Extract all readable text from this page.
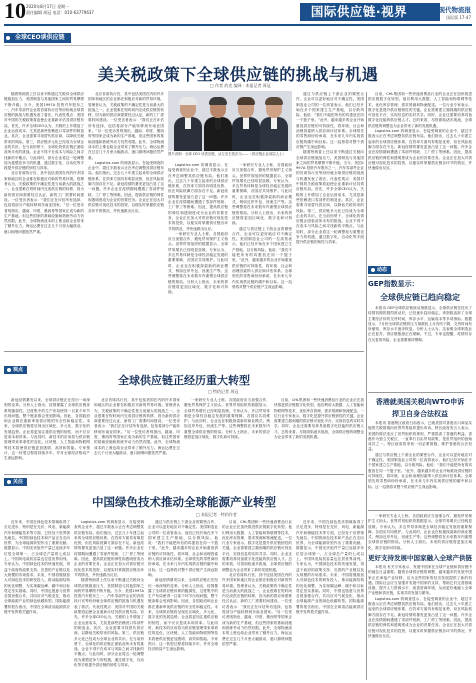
10 2020年8月17日 星期一
责任编辑 周冠 电话：010-63779637	国际供应链·视界	现代物流报
国际版 17-47
全球CEO谈供应链
美关税政策下全球供应链的挑战与机遇
□ 作者 约克 编译 · 本报记者 周冠

随着特朗普上任以来不断通过关税向全球供应链施加压力，美国制造与其他国家之间的贸易摩擦不断升级。当今，美国1997A 投资汽车股东之一，汽车零部件企业的首席执行官等纷纷就全球供应链的挑战与机遇发表了看法。代表性观点：美国对中国的关税政策将迫使企业重新评估其供应链布局。首先，许多全球CEO认为，关税的上升增加了企业运营成本，尤其是那些依赖进口零部件的制造业。其次，企业需要寻找替代供应商，以降低关税带来的风险。第三，供应链多元化已经成为全球企业的共识。在当前形势下，全球化的供应链正面临前所未有的挑战。企业不得不在成本与风险之间寻找新的平衡点。与此同时，部分企业将这一轮调整视为重塑竞争力的机遇，通过数字化、自动化等手段提升供应链的韧性与效率。

北京首席执行官，其中包括美国在内的许多国家和地区的企业都在积极应对新的贸易环境。管理者认为，关税政策的不确定性是当前最大的挑战之一。企业很难在短时间内完成供应链的转移，因为新的供应商需要经过认证，新的工厂需要时间建设。一位受访者表示：“我们正在评估所有选择，包括将部分产能转移到东南亚国家。”另一位受访者则指出，越南、印度、墨西哥等国家正成为新的生产基地，但这些国家的基础设施和熟练劳动力仍然有限。此外，全球物流成本的上涨也给企业带来了额外压力。海运运费在过去几个月里大幅波动，港口拥堵问题依然严重。

北京首席执行官，其中包括美国在内的许多国家和地区的企业都在积极应对新的贸易环境。管理者认为，关税政策的不确定性是当前最大的挑战之一。企业很难在短时间内完成供应链的转移，因为新的供应商需要经过认证，新的工厂需要时间建设。一位受访者表示：“我们正在评估所有选择，包括将部分产能转移到东南亚国家。”另一位受访者则指出，越南、印度、墨西哥等国家正成为新的生产基地，但这些国家的基础设施和熟练劳动力仍然有限。此外，全球物流成本的上涨也给企业带来了额外压力。海运运费在过去几个月里大幅波动，港口拥堵问题依然严重。

Logistics.com 的调查显示，在接受调查的企业中，超过半数表示正在考虑调整其供应链布局。他们指出，过去几十年建立起来的全球供应链体系，在效率方面具有明显优势，但在风险抵御方面存在不足。新冠疫情的暴发更加凸显了这一问题。许多企业在疫情期间遭遇了零部件短缺、工厂停工等困难。因此，提高供应链的弹性和透明度成为企业的首要任务。企业正在加大对供应链可视化技术的投资，以便实时掌握供应链各环节的情况，并快速做出反应。

图片说明：全球 CEO 谈供应链，从左至右依次为——（供应链企业高层人士）

Logistics.com 的调查显示，在接受调查的企业中，超过半数表示正在考虑调整其供应链布局。他们指出，过去几十年建立起来的全球供应链体系，在效率方面具有明显优势，但在风险抵御方面存在不足。新冠疫情的暴发更加凸显了这一问题。许多企业在疫情期间遭遇了零部件短缺、工厂停工等困难。因此，提高供应链的弹性和透明度成为企业的首要任务。企业正在加大对供应链可视化技术的投资，以便实时掌握供应链各环节的情况，并快速做出反应。

一家研究专业人士称，各国政府应当加强合作，避免贸易保护主义抬头。世界贸易组织的数据显示，全球贸易增长已经明显放缓。专家认为，多边贸易体制是全球经济稳定发展的重要保障，各国应共同维护。与此同时，企业也在积极探索新的商业模式，例如近岸外包、回流生产等。这些调整将在未来数年内重塑全球供应链的格局。分析人士指出，未来的供应链将更加区域化、数字化和可持续。

一家研究专业人士称，各国政府应当加强合作，避免贸易保护主义抬头。世界贸易组织的数据显示，全球贸易增长已经明显放缓。专家认为，多边贸易体制是全球经济稳定发展的重要保障，各国应共同维护。与此同时，企业也在积极探索新的商业模式，例如近岸外包、回流生产等。这些调整将在未来数年内重塑全球供应链的格局。分析人士指出，未来的供应链将更加区域化、数字化和可持续。

通过与供应链上下游企业的紧密合作，企业可以更好地应对不确定性。美国制造业公司的一位高管表示，他们已经开始在多个国家建立生产基地，以分散风险。他说：“我们不能把所有的鸡蛋放在同一个篮子里。”此外，越来越多的企业开始重视供应链的可持续性，将环境、社会和治理因素纳入供应商评估体系。全球领先的零售商纷纷承诺，在未来几年内实现供应链的碳中和目标。这一趋势将对整个供应链产生深远影响。

通过与供应链上下游企业的紧密合作，企业可以更好地应对不确定性。美国制造业公司的一位高管表示，他们已经开始在多个国家建立生产基地，以分散风险。他说：“我们不能把所有的鸡蛋放在同一个篮子里。”此外，越来越多的企业开始重视供应链的可持续性，将环境、社会和治理因素纳入供应商评估体系。全球领先的零售商纷纷承诺，在未来几年内实现供应链的碳中和目标。这一趋势将对整个供应链产生深远影响。

随着特朗普上任以来不断通过关税向全球供应链施加压力，美国制造与其他国家之间的贸易摩擦不断升级。当今，美国1997A 投资汽车股东之一，汽车零部件企业的首席执行官等纷纷就全球供应链的挑战与机遇发表了看法。代表性观点：美国对中国的关税政策将迫使企业重新评估其供应链布局。首先，许多全球CEO认为，关税的上升增加了企业运营成本，尤其是那些依赖进口零部件的制造业。其次，企业需要寻找替代供应商，以降低关税带来的风险。第三，供应链多元化已经成为全球企业的共识。在当前形势下，全球化的供应链正面临前所未有的挑战。企业不得不在成本与风险之间寻找新的平衡点。与此同时，部分企业将这一轮调整视为重塑竞争力的机遇，通过数字化、自动化等手段提升供应链的韧性与效率。

目前，CHL集团和一些快速消费品行业的企业正在加快推进供应链数字化转型。他们利用大数据、人工智能和物联网等技术，优化库存管理、需求预测和物流配送。一位行业专家表示，数字化是提升供应链韧性的关键。企业需要建立端到端的供应链可视化平台，实现信息的实时共享。同时，企业还需要培养具备数字化技能的供应链人才。总的来看，尽管面临诸多挑战，全球供应链的调整也为企业带来了新的发展机遇。

Logistics.com 的调查显示，在接受调查的企业中，超过半数表示正在考虑调整其供应链布局。他们指出，过去几十年建立起来的全球供应链体系，在效率方面具有明显优势，但在风险抵御方面存在不足。新冠疫情的暴发更加凸显了这一问题。许多企业在疫情期间遭遇了零部件短缺、工厂停工等困难。因此，提高供应链的弹性和透明度成为企业的首要任务。企业正在加大对供应链可视化技术的投资，以便实时掌握供应链各环节的情况，并快速做出反应。

动态
GEP指数显示：
全球供应链已趋向稳定

本报讯 GEP全球供应链波动指数显示，全球供应链在经历了疫情初期的剧烈波动后，已经逐步趋向稳定。该指数追踪了全球主要经济体的交货时间、库存水平、运输成本等多项指标。数据显示，7月份全球供应链的压力指数较上月有所下降，交货时间有所缩短，库存水平逐步恢复。分析人士认为，这表明全球制造业正在复苏，供应链瓶颈正在缓解。不过，专家也提醒，疫情仍存在反复的风险，企业需要保持警惕。

观点
全球供应链正经历重大转型
□ 特约记者 周冠

新冠疫情暴发以来，全球供应链正在经历一场深刻的变革。分析人士指出，疫情暴露了全球供应链体系的脆弱性，过度集中的生产布局使得一旦某个环节出现问题，整个链条都会受到影响。因此，各国政府和企业都在重新审视供应链的安全性和稳定性。未来，全球供应链将呈现出区域化、多元化、数字化的发展趋势。企业将更加注重供应链的韧性，而不仅仅是成本和效率。与此同时，新技术的应用将为供应链管理带来革命性的变化。区块链、人工智能和物联网等技术将使供应链更加透明、高效和智能。专家预计，这一转型过程将持续多年，并对全球经济格局产生深远影响。

北京首席执行官，其中包括美国在内的许多国家和地区的企业都在积极应对新的贸易环境。管理者认为，关税政策的不确定性是当前最大的挑战之一。企业很难在短时间内完成供应链的转移，因为新的供应商需要经过认证，新的工厂需要时间建设。一位受访者表示：“我们正在评估所有选择，包括将部分产能转移到东南亚国家。”另一位受访者则指出，越南、印度、墨西哥等国家正成为新的生产基地，但这些国家的基础设施和熟练劳动力仍然有限。此外，全球物流成本的上涨也给企业带来了额外压力。海运运费在过去几个月里大幅波动，港口拥堵问题依然严重。

一家研究专业人士称，各国政府应当加强合作，避免贸易保护主义抬头。世界贸易组织的数据显示，全球贸易增长已经明显放缓。专家认为，多边贸易体制是全球经济稳定发展的重要保障，各国应共同维护。与此同时，企业也在积极探索新的商业模式，例如近岸外包、回流生产等。这些调整将在未来数年内重塑全球供应链的格局。分析人士指出，未来的供应链将更加区域化、数字化和可持续。

目前，CHL集团和一些快速消费品行业的企业正在加快推进供应链数字化转型。他们利用大数据、人工智能和物联网等技术，优化库存管理、需求预测和物流配送。一位行业专家表示，数字化是提升供应链韧性的关键。企业需要建立端到端的供应链可视化平台，实现信息的实时共享。同时，企业还需要培养具备数字化技能的供应链人才。总的来看，尽管面临诸多挑战，全球供应链的调整也为企业带来了新的发展机遇。

香港就美国关税向WTO申诉
捍卫自身合法权益

本报讯 香港特区政府日前表示，已就美国对香港出口商品实施的关税措施向世界贸易组织提出申诉。特区政府发言人表示，美国的做法违反了世贸组织的规则，严重损害了香港的利益。香港作为独立关税区，一直奉行自由贸易政策，是世贸组织的创始成员之一。特区政府将采取一切必要措施，维护香港的合法权益。

通过与供应链上下游企业的紧密合作，企业可以更好地应对不确定性。美国制造业公司的一位高管表示，他们已经开始在多个国家建立生产基地，以分散风险。他说：“我们不能把所有的鸡蛋放在同一个篮子里。”此外，越来越多的企业开始重视供应链的可持续性，将环境、社会和治理因素纳入供应商评估体系。全球领先的零售商纷纷承诺，在未来几年内实现供应链的碳中和目标。这一趋势将对整个供应链产生深远影响。

关注
中国绿色技术推动全球能源产业转型
□ 本报记者 · 特约作者

近年来，中国在绿色技术领域取得了长足进步，特别是在光伏、风电、新能源汽车和储能技术等方面，已经处于世界领先地位。中国的绿色技术和产品正在走向世界，为全球能源转型作出了重要贡献。数据显示，中国光伏组件产量已连续多年位居全球第一，占全球总产量的七成以上。中国风电装机容量也位居世界前列。专家认为，中国绿色技术的快速发展，得益于政府的政策支持、完善的产业链以及大规模的市场需求。未来，中国将继续加大对绿色技术的研发投入，推动能源结构的优化调整，为实现碳达峰、碳中和目标奠定坚实基础。同时，中国也愿意与世界各国加强合作，共同应对气候变化，推动全球能源产业的绿色低碳转型。国际能源署的报告指出，中国在全球清洁能源供应链中发挥着关键作用。

Logistics.com 的调查显示，在接受调查的企业中，超过半数表示正在考虑调整其供应链布局。他们指出，过去几十年建立起来的全球供应链体系，在效率方面具有明显优势，但在风险抵御方面存在不足。新冠疫情的暴发更加凸显了这一问题。许多企业在疫情期间遭遇了零部件短缺、工厂停工等困难。因此，提高供应链的弹性和透明度成为企业的首要任务。企业正在加大对供应链可视化技术的投资，以便实时掌握供应链各环节的情况，并快速做出反应。

随着特朗普上任以来不断通过关税向全球供应链施加压力，美国制造与其他国家之间的贸易摩擦不断升级。当今，美国1997A 投资汽车股东之一，汽车零部件企业的首席执行官等纷纷就全球供应链的挑战与机遇发表了看法。代表性观点：美国对中国的关税政策将迫使企业重新评估其供应链布局。首先，许多全球CEO认为，关税的上升增加了企业运营成本，尤其是那些依赖进口零部件的制造业。其次，企业需要寻找替代供应商，以降低关税带来的风险。第三，供应链多元化已经成为全球企业的共识。在当前形势下，全球化的供应链正面临前所未有的挑战。企业不得不在成本与风险之间寻找新的平衡点。与此同时，部分企业将这一轮调整视为重塑竞争力的机遇，通过数字化、自动化等手段提升供应链的韧性与效率。

通过与供应链上下游企业的紧密合作，企业可以更好地应对不确定性。美国制造业公司的一位高管表示，他们已经开始在多个国家建立生产基地，以分散风险。他说：“我们不能把所有的鸡蛋放在同一个篮子里。”此外，越来越多的企业开始重视供应链的可持续性，将环境、社会和治理因素纳入供应商评估体系。全球领先的零售商纷纷承诺，在未来几年内实现供应链的碳中和目标。这一趋势将对整个供应链产生深远影响。

新冠疫情暴发以来，全球供应链正在经历一场深刻的变革。分析人士指出，疫情暴露了全球供应链体系的脆弱性，过度集中的生产布局使得一旦某个环节出现问题，整个链条都会受到影响。因此，各国政府和企业都在重新审视供应链的安全性和稳定性。未来，全球供应链将呈现出区域化、多元化、数字化的发展趋势。企业将更加注重供应链的韧性，而不仅仅是成本和效率。与此同时，新技术的应用将为供应链管理带来革命性的变化。区块链、人工智能和物联网等技术将使供应链更加透明、高效和智能。专家预计，这一转型过程将持续多年，并对全球经济格局产生深远影响。

目前，CHL集团和一些快速消费品行业的企业正在加快推进供应链数字化转型。他们利用大数据、人工智能和物联网等技术，优化库存管理、需求预测和物流配送。一位行业专家表示，数字化是提升供应链韧性的关键。企业需要建立端到端的供应链可视化平台，实现信息的实时共享。同时，企业还需要培养具备数字化技能的供应链人才。总的来看，尽管面临诸多挑战，全球供应链的调整也为企业带来了新的发展机遇。

北京首席执行官，其中包括美国在内的许多国家和地区的企业都在积极应对新的贸易环境。管理者认为，关税政策的不确定性是当前最大的挑战之一。企业很难在短时间内完成供应链的转移，因为新的供应商需要经过认证，新的工厂需要时间建设。一位受访者表示：“我们正在评估所有选择，包括将部分产能转移到东南亚国家。”另一位受访者则指出，越南、印度、墨西哥等国家正成为新的生产基地，但这些国家的基础设施和熟练劳动力仍然有限。此外，全球物流成本的上涨也给企业带来了额外压力。海运运费在过去几个月里大幅波动，港口拥堵问题依然严重。

近年来，中国在绿色技术领域取得了长足进步，特别是在光伏、风电、新能源汽车和储能技术等方面，已经处于世界领先地位。中国的绿色技术和产品正在走向世界，为全球能源转型作出了重要贡献。数据显示，中国光伏组件产量已连续多年位居全球第一，占全球总产量的七成以上。中国风电装机容量也位居世界前列。专家认为，中国绿色技术的快速发展，得益于政府的政策支持、完善的产业链以及大规模的市场需求。未来，中国将继续加大对绿色技术的研发投入，推动能源结构的优化调整，为实现碳达峰、碳中和目标奠定坚实基础。同时，中国也愿意与世界各国加强合作，共同应对气候变化，推动全球能源产业的绿色低碳转型。国际能源署的报告指出，中国在全球清洁能源供应链中发挥着关键作用。

一家研究专业人士称，各国政府应当加强合作，避免贸易保护主义抬头。世界贸易组织的数据显示，全球贸易增长已经明显放缓。专家认为，多边贸易体制是全球经济稳定发展的重要保障，各国应共同维护。与此同时，企业也在积极探索新的商业模式，例如近岸外包、回流生产等。这些调整将在未来数年内重塑全球供应链的格局。分析人士指出，未来的供应链将更加区域化、数字化和可持续。

更好支持发展中国家融入全球产供链

本报讯 有关专家表示，发展中国家在全球产业链和供应链中的地位日益重要。随着全球供应链的调整，越来越多的发展中国家正在承接产业转移，这为这些国家的经济发展提供了新的机遇。国际社会应当加强对发展中国家的支持，帮助它们完善基础设施、提升人力资源水平、改善营商环境，从而更好地融入全球产业链和供应链，实现共同发展与繁荣。

Logistics.com 的调查显示，在接受调查的企业中，超过半数表示正在考虑调整其供应链布局。他们指出，过去几十年建立起来的全球供应链体系，在效率方面具有明显优势，但在风险抵御方面存在不足。新冠疫情的暴发更加凸显了这一问题。许多企业在疫情期间遭遇了零部件短缺、工厂停工等困难。因此，提高供应链的弹性和透明度成为企业的首要任务。企业正在加大对供应链可视化技术的投资，以便实时掌握供应链各环节的情况，并快速做出反应。
